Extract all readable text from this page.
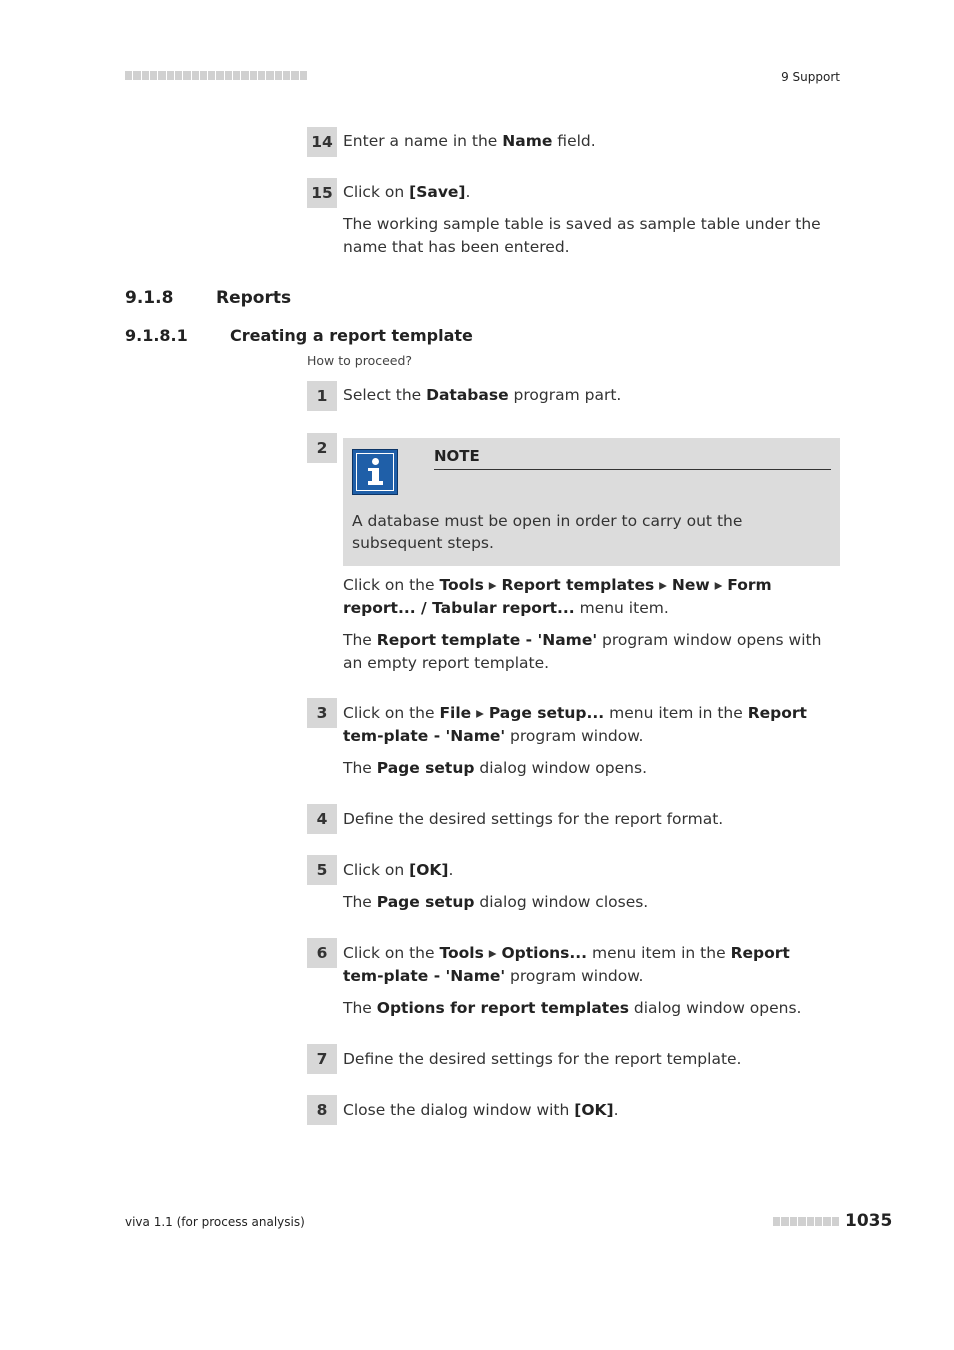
9 Support
14 Enter a name in the Name field.
15 Click on [Save].
The working sample table is saved as sample table under the name that has been entered.
9.1.8	Reports
9.1.8.1	Creating a report template
How to proceed?
1	Select the Database program part.
2	NOTE
A database must be open in order to carry out the subsequent steps.
Click on the Tools ▸ Report templates ▸ New ▸ Form report... / Tabular report... menu item.
The Report template - 'Name' program window opens with an empty report template.
3	Click on the File ▸ Page setup... menu item in the Report tem-plate - 'Name' program window.
The Page setup dialog window opens.
4	Define the desired settings for the report format.
5	Click on [OK].
The Page setup dialog window closes.
6	Click on the Tools ▸ Options... menu item in the Report tem-plate - 'Name' program window.
The Options for report templates dialog window opens.
7	Define the desired settings for the report template.
8	Close the dialog window with [OK].
viva 1.1 (for process analysis)	1035
